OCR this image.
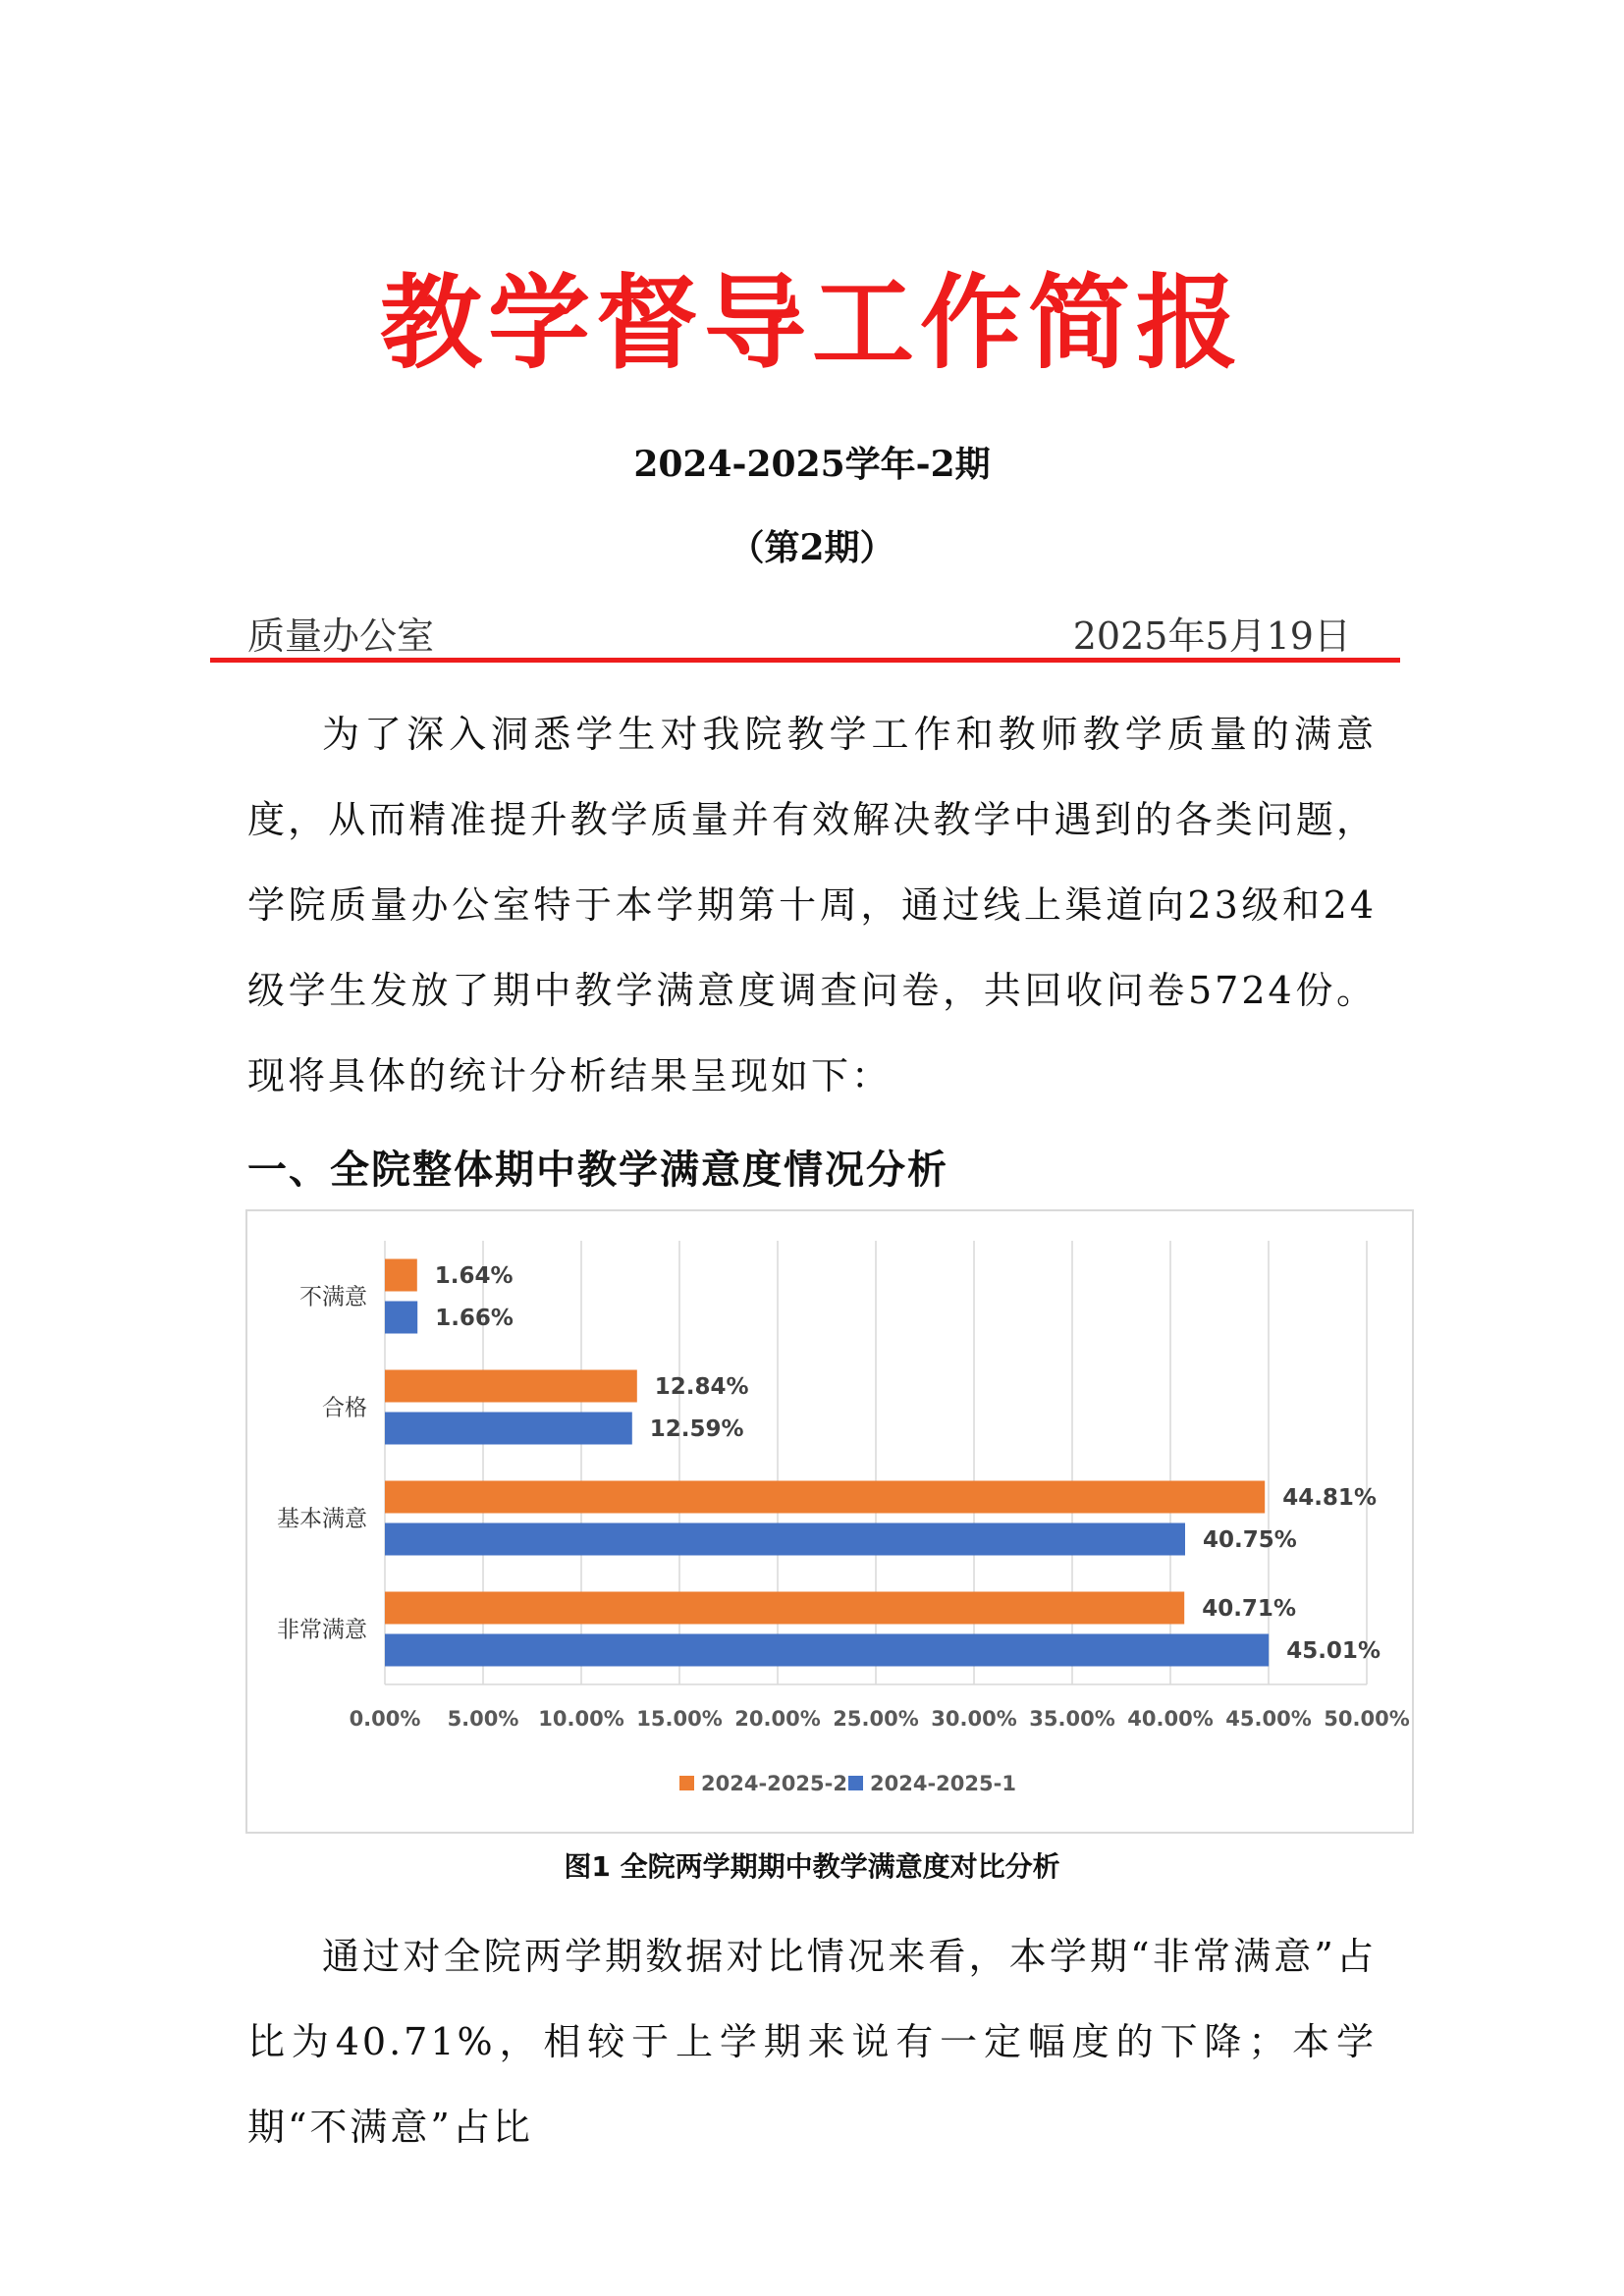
教学督导工作简报
2024-2025学年-2期
（第2期）
质量办公室	2025年5月19日

为了深入洞悉学生对我院教学工作和教师教学质量的满意度，从而精准提升教学质量并有效解决教学中遇到的各类问题，学院质量办公室特于本学期第十周，通过线上渠道向23级和24级学生发放了期中教学满意度调查问卷，共回收问卷5724份。现将具体的统计分析结果呈现如下：

一、全院整体期中教学满意度情况分析
0.00% 5.00% 10.00% 15.00% 20.00% 25.00% 30.00% 35.00% 40.00% 45.00% 50.00%
不满意
1.64%
1.66%
合格
12.84%
12.59%
基本满意
44.81%
40.75%
非常满意
40.71%
45.01%
2024-2025-2 2024-2025-1
图1 全院两学期期中教学满意度对比分析

通过对全院两学期数据对比情况来看，本学期“非常满意”占比为40.71%，相较于上学期来说有一定幅度的下降；本学期“不满意”占比
